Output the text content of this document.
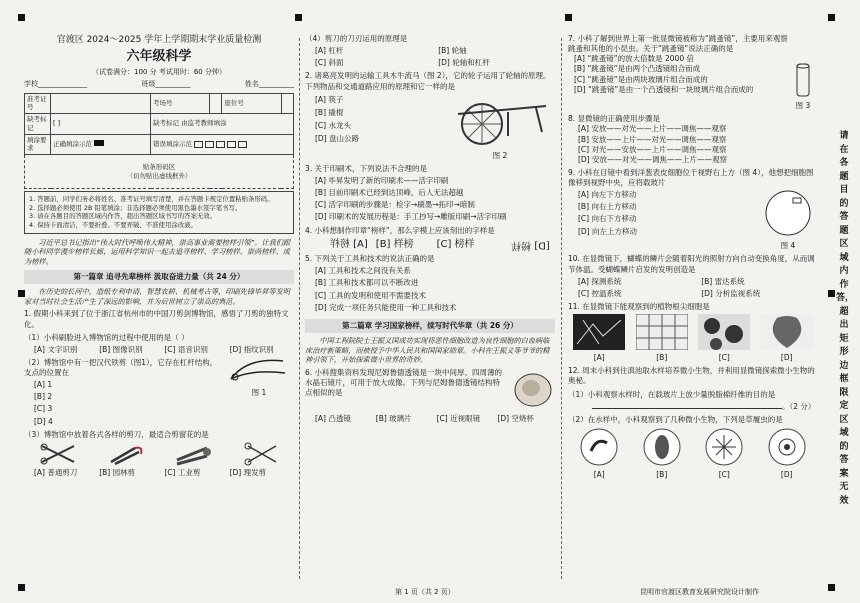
官渡区 2024～2025 学年上学期期末学业质量检测
六年级科学
（试卷满分：100 分 考试用时：60 分钟）
学校______________	班级__________	姓名__________
准考证号		考场号		座位号	
缺考标记	[ ]	缺考标记 由监考教师填涂			
填涂要求	正确填涂示范	错误填涂示范			

贴条形码区
（切勿贴出虚线框外）					
1. 答题前，同学们务必将姓名、准考证号填写清楚，并在答题卡规定位置粘贴条形码。
2. 选择题必须使用 2B 铅笔填涂；非选择题必须使用黑色墨水签字笔书写。
3. 请在各题目的答题区域内作答，超出答题区域书写的答案无效。
4. 保持卡面清洁，不要折叠、不要弄破、不准使用涂改液。
习近平总书记指出“伟大时代呼唤伟大精神，崇高事业需要榜样引领”。让我们跟随小科同学漫步榜样长廊，运用科学知识一起去追寻榜样、学习榜样、崇尚榜样、成为榜样。
第一篇章 追寻先辈榜样 汲取奋进力量（共 24 分）
在历史的长河中，造纸专利申请、智慧农耕、机械考古等，印刷先锋毕昇等发明家对当时社会生活产生了深远的影响，并为后世树立了崇高的典范。
1. 假期小科来到了位于浙江省杭州市的中国刀剪剑博物馆，感悟了刀剪的独特文化。
（1）小科刷脸进入博物馆的过程中使用的是（ ）
[A] 文字识别	[B] 图像识别	[C] 语音识别	[D] 指纹识别
（2）博物馆中有一把汉代铁剪（图1），它存在杠杆结构，支点的位置在
[A] 1
[B] 2
[C] 3
[D] 4
图 1
（3）博物馆中放着各式各样的剪刀，最适合剪窗花的是
[A] 普通剪刀	[B] 园林剪	[C] 工业剪	[D] 理发剪
（4）剪刀的刀刃运用的原理是
[A] 杠杆	[B] 轮轴
[C] 斜面	[D] 轮轴和杠杆
2. 诸葛亮发明的运输工具木牛流马（图 2），它的轮子运用了轮轴的原理。下列物品和交通道路应用的原理和它一样的是
[A] 筷子
[B] 撬棍
[C] 水龙头
[D] 盘山公路
图 2
3. 关于印刷术，下列说法不合理的是
[A] 毕昇发明了新的印刷术——活字印刷
[B] 目前印刷术已经到达顶峰，后人无法超越
[C] 活字印刷的步骤是：检字→刷墨→拓印→暗制
[D] 印刷术的发展历程是：手工抄写→雕版印刷→活字印刷
4. 小科想制作印章“榜样”，那么字模上应该刻出的字样是
[A] 榜样 [B] 样榜	[C] 榜样	[D] 榜样
5. 下列关于工具和技术的说法正确的是
[A] 工具和技术之间没有关系
[B] 工具和技术都可以不断改进
[C] 工具的发明和使用不需要技术
[D] 完成一项任务只能使用一种工具和技术
第二篇章 学习国家榜样，续写时代华章（共 26 分）
中国工程院院士王振义国成功实现将恶性细胞改造为良性细胞的白血病临床治疗新策略，而被授予中华人民共和国国家勋章。小科在王振义等爷爷的精神引领下，开始探索微小世界的奇妙。
6. 小科搜集资料发现尼姆鲁德透镜是一块中间厚、四周薄的水晶石镜片，可用于放大成像。下列与尼姆鲁德透镜结构特点相似的是
[A] 凸透镜	[B] 玻璃片	[C] 近视眼镜	[D] 空烧杯
第 1 页（共 2 页）
7. 小科了解到世界上第一批显微镜被称为“跳蚤镜”，主要用来观察跳蚤和其他的小昆虫。关于“跳蚤镜”说法正确的是
[A] “跳蚤镜”的放大倍数是 2000 倍
[B] “跳蚤镜”是由两个凸透镜组合而成
[C] “跳蚤镜”是由两块玻璃片组合而成的
[D] “跳蚤镜”是由一个凸透镜和一块玻璃片组合而成的
图 3
8. 显微镜的正确使用步骤是
[A] 安放——对光——上片——调焦——观察
[B] 安放——上片——对光——调焦——观察
[C] 对光——安放——上片——调焦——观察
[D] 安放——对光——调焦——上片——观察
9. 小科在目镜中看到洋葱表皮细胞位于视野右上方（图 4），他想把细胞图像移到视野中央，应将载玻片
[A] 向左下方移动
[B] 向右上方移动
[C] 向右下方移动
[D] 向左上方移动
图 4
10. 在显微镜下，蝴蝶的鳞片会随着阳光的照射方向自动变换角度，从而调节体温。受蝴蝶鳞片启发的发明创造是
[A] 探测系统	[B] 雷达系统
[C] 控温系统	[D] 分析监视系统
11. 在显微镜下能观察到的植物根尖细胞是
[A]	[B]	[C]	[D]
12. 周末小科到住滇池取水样培养微小生物，并利用显微镜探索微小生物的奥秘。
（1）小科观察水样时，在载玻片上放少量脱脂棉纤维的目的是
。（2 分）
（2）在水样中，小科观察到了几种微小生物，下列是草履虫的是
[A]	[B]	[C]	[D]
昆明市官渡区教育发展研究院设计制作
请在各题目的答题区域内作答，超出矩形边框限定区域的答案无效
